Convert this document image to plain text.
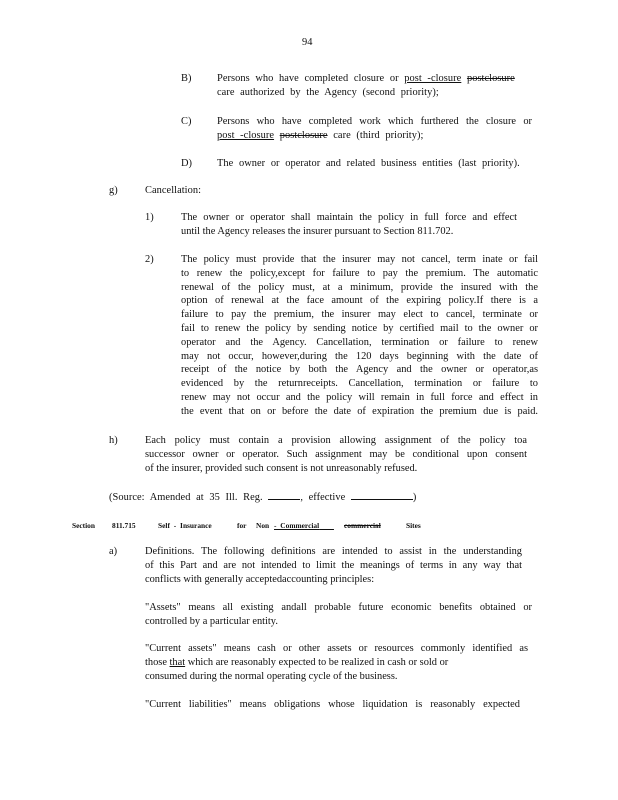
94
B) Persons who have completed closure or post -closure postclosure
care authorized by the Agency (second priority);
C) Persons who have completed work which furthered the closure or
post -closure postclosure care (third priority);
D) The owner or operator and related business entities (last priority).
g)	Cancellation:
1)	The owner or operator shall maintain the policy in full force and effect
until the Agency releases the insurer pursuant to Section 811.702.
2)	The policy must provide that the insurer may not cancel, term inate or fail
to renew the policy,except for failure to pay the premium. The automatic
renewal of the policy must, at a minimum, provide the insured with the
option of renewal at the face amount of the expiring policy.If there is a
failure to pay the premium, the insurer may elect to cancel, terminate or
fail to renew the policy by sending notice by certified mail to the owner or
operator and the Agency. Cancellation, termination or failure to renew
may not occur, however,during the 120 days beginning with the date of
receipt of the notice by both the Agency and the owner or operator,as
evidenced by the returnreceipts. Cancellation, termination or failure to
renew may not occur and the policy will remain in full force and effect in
the event that on or before the date of expiration the premium due is paid.
h)	Each policy must contain a provision allowing assignment of the policy toa
successor owner or operator. Such assignment may be conditional upon consent
of the insurer, provided such consent is not unreasonably refused.
(Source: Amended at 35 Ill. Reg.	, effective	)
Section 811.715	Self - Insurance	for Non - Commercial  	commercial	Sites
a)	Definitions. The following definitions are intended to assist in the understanding
of this Part and are not intended to limit the meanings of terms in any way that
conflicts with generally acceptedaccounting principles:
"Assets" means all existing andall probable future economic benefits obtained or
controlled by a particular entity.
"Current assets" means cash or other assets or resources commonly identified as
those that which are reasonably expected to be realized in cash or sold or
consumed during the normal operating cycle of the business.
"Current liabilities" means obligations whose liquidation is reasonably expected
